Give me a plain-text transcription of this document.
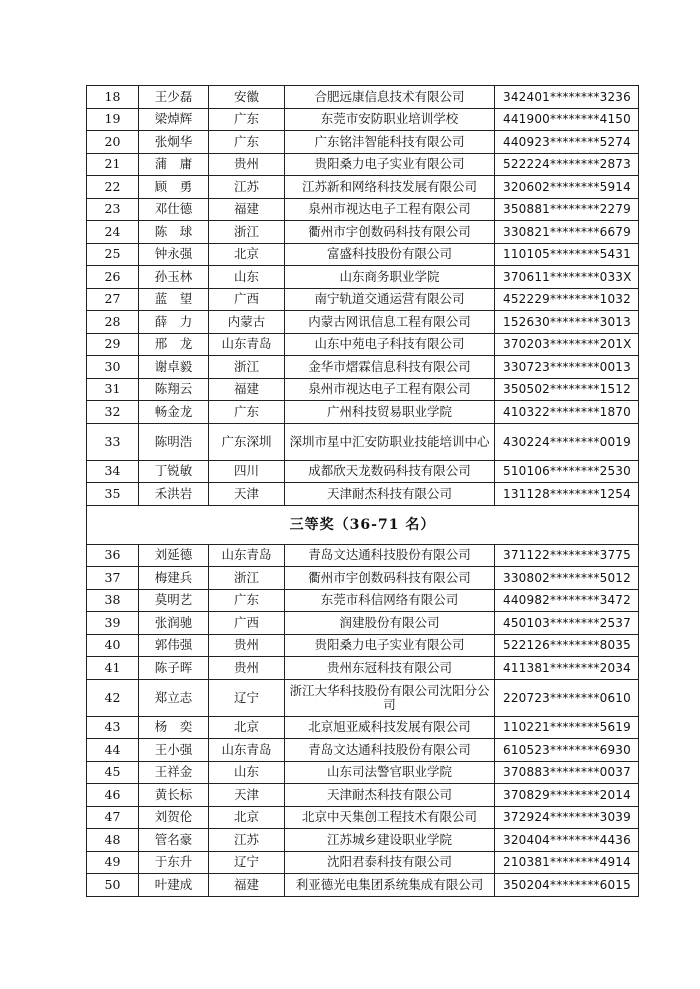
18	王少磊	安徽	合肥远康信息技术有限公司	342401********3236
19	梁焯辉	广东	东莞市安防职业培训学校	441900********4150
20	张炯华	广东	广东铭沣智能科技有限公司	440923********5274
21	蒲　庸	贵州	贵阳桑力电子实业有限公司	522224********2873
22	顾　勇	江苏	江苏新和网络科技发展有限公司	320602********5914
23	邓仕德	福建	泉州市视达电子工程有限公司	350881********2279
24	陈　球	浙江	衢州市宇创数码科技有限公司	330821********6679
25	钟永强	北京	富盛科技股份有限公司	110105********5431
26	孙玉林	山东	山东商务职业学院	370611********033X
27	蓝　望	广西	南宁轨道交通运营有限公司	452229********1032
28	薛　力	内蒙古	内蒙古网讯信息工程有限公司	152630********3013
29	邢　龙	山东青岛	山东中苑电子科技有限公司	370203********201X
30	谢卓毅	浙江	金华市熠霖信息科技有限公司	330723********0013
31	陈翔云	福建	泉州市视达电子工程有限公司	350502********1512
32	畅金龙	广东	广州科技贸易职业学院	410322********1870
33	陈明浩	广东深圳	深圳市星中汇安防职业技能培训中心	430224********0019
34	丁锐敏	四川	成都欣天龙数码科技有限公司	510106********2530
35	禾洪岩	天津	天津耐杰科技有限公司	131128********1254
三等奖（36-71 名）				
36	刘延德	山东青岛	青岛文达通科技股份有限公司	371122********3775
37	梅建兵	浙江	衢州市宇创数码科技有限公司	330802********5012
38	莫明艺	广东	东莞市科信网络有限公司	440982********3472
39	张润驰	广西	润建股份有限公司	450103********2537
40	郭伟强	贵州	贵阳桑力电子实业有限公司	522126********8035
41	陈子晖	贵州	贵州东冠科技有限公司	411381********2034
42	郑立志	辽宁	浙江大华科技股份有限公司沈阳分公司	220723********0610
43	杨　奕	北京	北京旭亚威科技发展有限公司	110221********5619
44	王小强	山东青岛	青岛文达通科技股份有限公司	610523********6930
45	王祥金	山东	山东司法警官职业学院	370883********0037
46	黄长标	天津	天津耐杰科技有限公司	370829********2014
47	刘贺伦	北京	北京中天集创工程技术有限公司	372924********3039
48	管名豪	江苏	江苏城乡建设职业学院	320404********4436
49	于东升	辽宁	沈阳君泰科技有限公司	210381********4914
50	叶建成	福建	利亚德光电集团系统集成有限公司	350204********6015
